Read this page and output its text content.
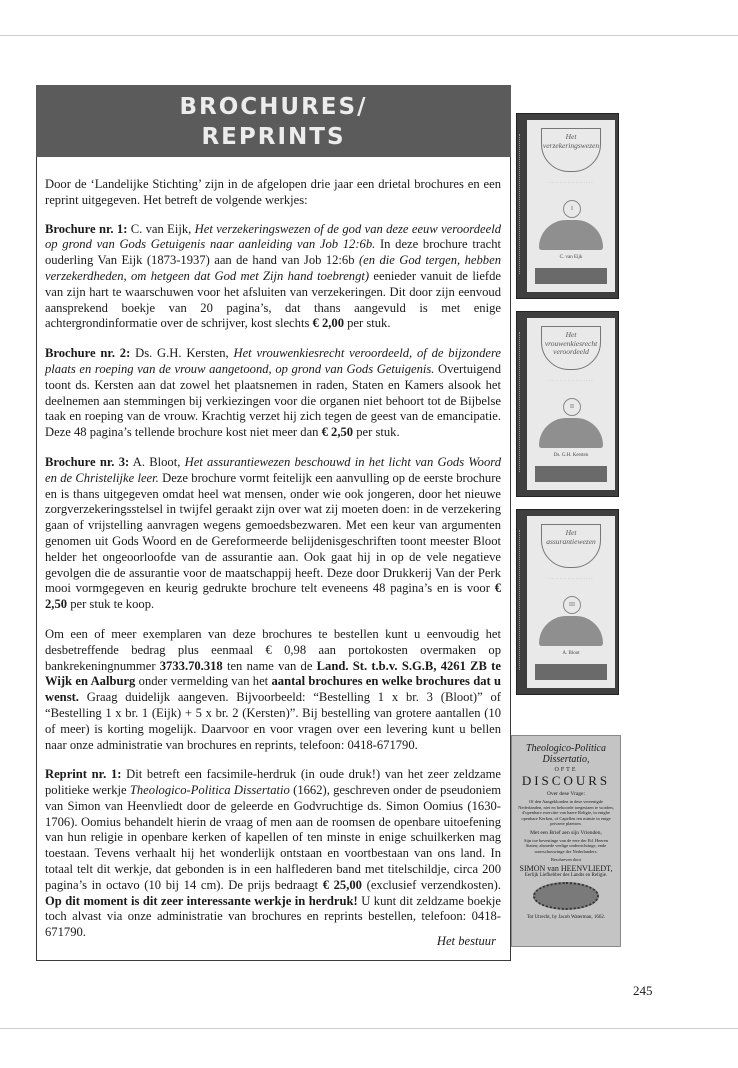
BROCHURES/
REPRINTS

Door de ‘Landelijke Stichting’ zijn in de afgelopen drie jaar een drietal brochures en een reprint uitgegeven. Het betreft de volgende werkjes:

Brochure nr. 1: C. van Eijk, Het verzekeringswezen of de god van deze eeuw veroordeeld op grond van Gods Getuigenis naar aanleiding van Job 12:6b. In deze brochure tracht ouderling Van Eijk (1873-1937) aan de hand van Job 12:6b (en die God tergen, hebben verzekerdheden, om hetgeen dat God met Zijn hand toebrengt) eenieder vanuit de liefde van zijn hart te waarschuwen voor het afsluiten van verzekeringen. Dit door zijn eenvoud aansprekend boekje van 20 pagina’s, dat thans aangevuld is met enige achtergrondinformatie over de schrijver, kost slechts € 2,00 per stuk.

Brochure nr. 2: Ds. G.H. Kersten, Het vrouwenkiesrecht veroordeeld, of de bijzondere plaats en roeping van de vrouw aangetoond, op grond van Gods Getuigenis. Overtuigend toont ds. Kersten aan dat zowel het plaatsnemen in raden, Staten en Kamers alsook het deelnemen aan stemmingen bij verkiezingen voor die organen niet behoort tot de Bijbelse taak en roeping van de vrouw. Krachtig verzet hij zich tegen de geest van de emancipatie. Deze 48 pagina’s tellende brochure kost niet meer dan € 2,50 per stuk.

Brochure nr. 3: A. Bloot, Het assurantiewezen beschouwd in het licht van Gods Woord en de Christelijke leer. Deze brochure vormt feitelijk een aanvulling op de eerste brochure en is thans uitgegeven omdat heel wat mensen, onder wie ook jongeren, door het nieuwe zorgverzekeringsstelsel in twijfel geraakt zijn over wat zij moeten doen: in de verzekering gaan of vrijstelling aanvragen wegens gemoedsbezwaren. Met een keur van argumenten genomen uit Gods Woord en de Gereformeerde belijdenisgeschriften toont meester Bloot helder het ongeoorloofde van de assurantie aan. Ook gaat hij in op de vele negatieve gevolgen die de assurantie voor de maatschappij heeft. Deze door Drukkerij Van der Perk mooi vormgegeven en keurig gedrukte brochure telt eveneens 48 pagina’s en is voor € 2,50 per stuk te koop.

Om een of meer exemplaren van deze brochures te bestellen kunt u eenvoudig het desbetreffende bedrag plus eenmaal € 0,98 aan portokosten overmaken op bankrekeningnummer 3733.70.318 ten name van de Land. St. t.b.v. S.G.B, 4261 ZB te Wijk en Aalburg onder vermelding van het aantal brochures en welke brochures dat u wenst. Graag duidelijk aangeven. Bijvoorbeeld: “Bestelling 1 x br. 3 (Bloot)” of “Bestelling 1 x br. 1 (Eijk) + 5 x br. 2 (Kersten)”. Bij bestelling van grotere aantallen (10 of meer) is korting mogelijk. Daarvoor en voor vragen over een levering kunt u bellen naar onze administratie van brochures en reprints, telefoon: 0418-671790.

Reprint nr. 1: Dit betreft een facsimile-herdruk (in oude druk!) van het zeer zeldzame politieke werkje Theologico-Politica Dissertatio (1662), geschreven onder de pseudoniem van Simon van Heenvliedt door de geleerde en Godvruchtige ds. Simon Oomius (1630-1706). Oomius behandelt hierin de vraag of men aan de roomsen de openbare uitoefening van hun religie in openbare kerken of kapellen of ten minste in enige schuilkerken mag toestaan. Tevens verhaalt hij het wonderlijk ontstaan en voortbestaan van ons land. In totaal telt dit werkje, dat gebonden is in een halflederen band met titelschildje, circa 200 pagina’s in octavo (10 bij 14 cm). De prijs bedraagt € 25,00 (exclusief verzendkosten). Op dit moment is dit zeer interessante werkje in herdruk! U kunt dit zeldzame boekje toch alvast via onze administratie van brochures en reprints bestellen, telefoon: 0418-671790.

Het bestuur
Het verzekeringswezen
· · · · · · · · · · · · · · · · ·
I
C. van Eijk
Het vrouwenkiesrecht veroordeeld
· · · · · · · · · · · · · · · · ·
II
Ds. G.H. Kersten
Het assurantiewezen
· · · · · · · · · · · · · · · · ·
III
A. Bloot
Theologico-Politica Dissertatio,
OFTE
DISCOURS
Over dese Vrage:
Of den Aangeklonden in dese vereenigde Nederlanden, niet en behoorde toegestaen te worden, d'openbare exercitie van haere Religie, in enighe openbare Kerken, of Capellen ten minste in enige privaete plaetsen.
Met een Brief aen sijn Vrienden,
Sijn toe bevestinge van de eere der Ed. Heeren Staten; alsmede veelige onderrichtinge, ende waerschouwinge der Nederlanders.
Beschreven door
SIMON van HEENVLIEDT,
Eerlijk Liefhebber des Landts en Religie.
Tot Utrecht, by Jacob Waterman, 1662.
245
